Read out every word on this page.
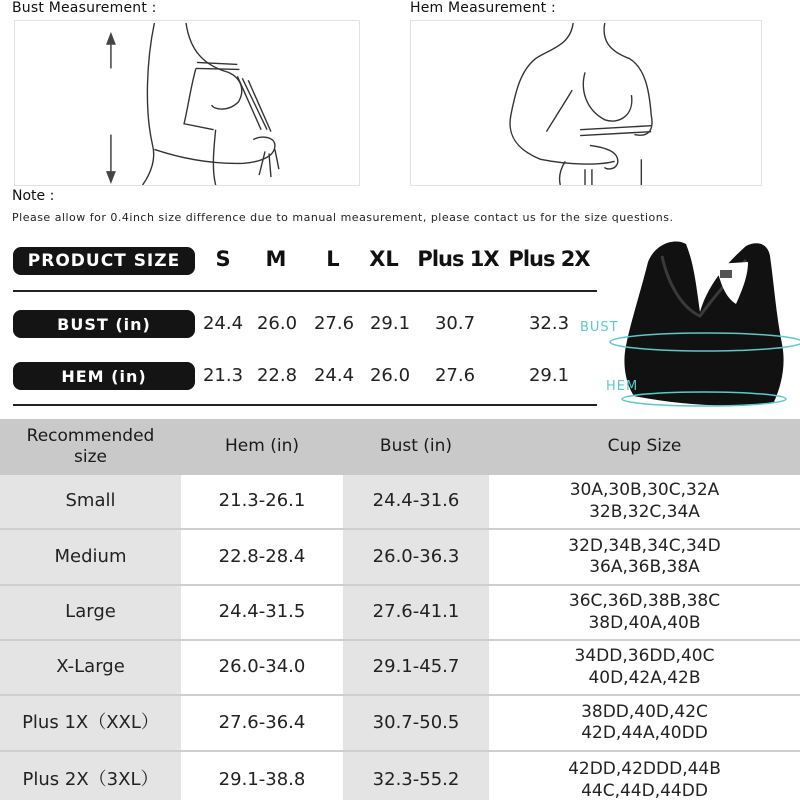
Bust Measurement :	Hem Measurement :
Note :
Please allow for 0.4inch size difference due to manual measurement, please contact us for the size questions.
PRODUCT SIZE	S	M	L	XL Plus 1X Plus 2X
BUST (in)	24.4 26.0 27.6 29.1 30.7	32.3
HEM (in)	21.3 22.8 24.4 26.0 27.6	29.1
BUST
HEM
Recommended size
Hem (in)	Bust (in)	Cup Size
Small	21.3-26.1	24.4-31.6	30A,30B,30C,32A
32B,32C,34A
Medium	22.8-28.4	26.0-36.3	32D,34B,34C,34D
36A,36B,38A
Large	24.4-31.5	27.6-41.1	36C,36D,38B,38C
38D,40A,40B
X-Large	26.0-34.0	29.1-45.7	34DD,36DD,40C
40D,42A,42B
Plus 1X（XXL）	27.6-36.4	30.7-50.5	38DD,40D,42C
42D,44A,40DD
Plus 2X（3XL）	29.1-38.8	32.3-55.2	42DD,42DDD,44B
44C,44D,44DD
